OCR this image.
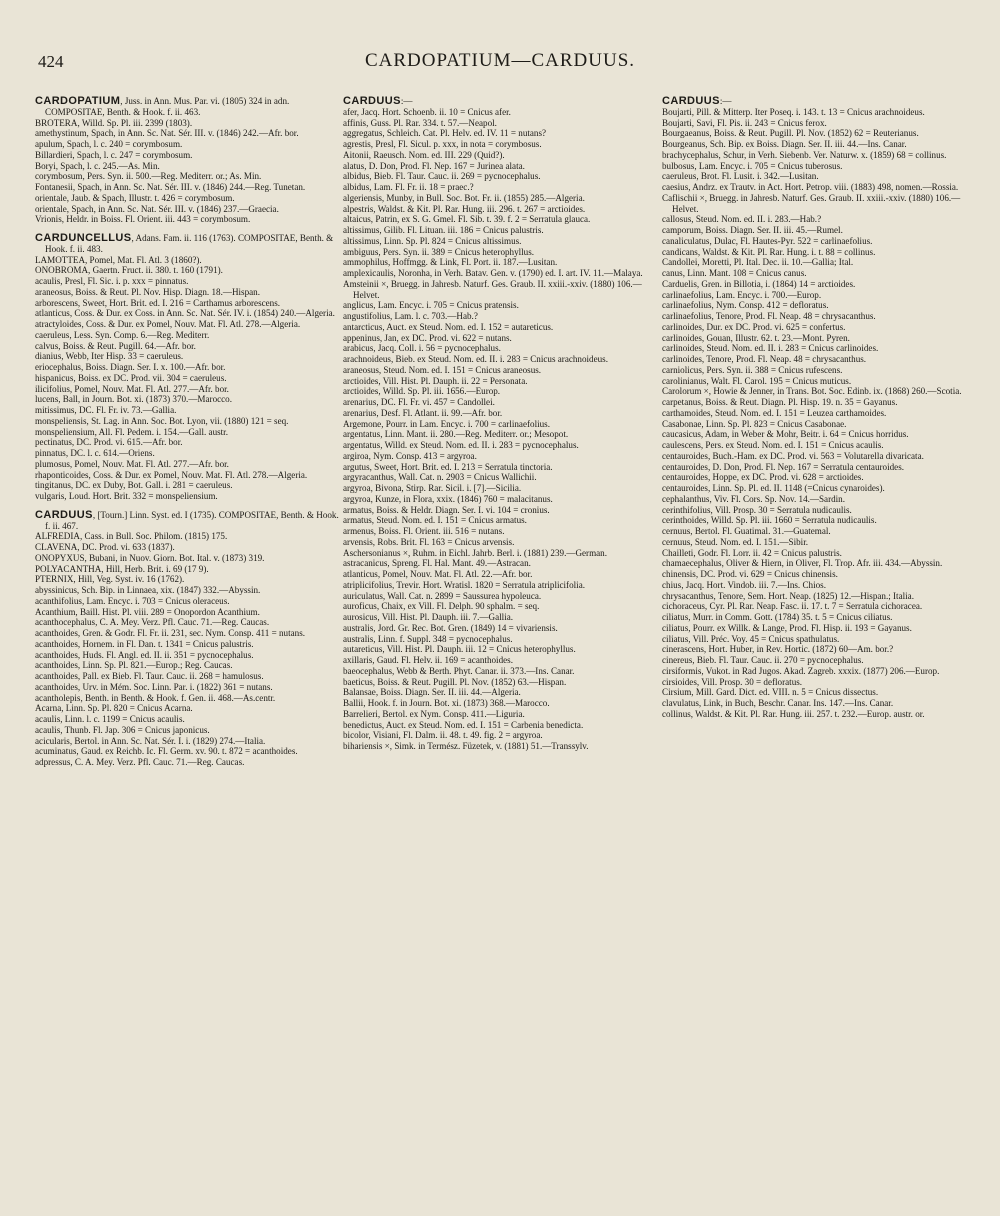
424	CARDOPATIUM—CARDUUS.
CARDOPATIUM, Juss. in Ann. Mus. Par. vi. (1805) 324 in adn. COMPOSITAE, Benth. & Hook. f. ii. 463.
BROTERA, Willd. Sp. Pl. iii. 2399 (1803).
amethystinum, Spach, in Ann. Sc. Nat. Sér. III. v. (1846) 242.—Afr. bor.
apulum, Spach, l. c. 240 = corymbosum.
Billardieri, Spach, l. c. 247 = corymbosum.
Boryi, Spach, l. c. 245.—As. Min.
corymbosum, Pers. Syn. ii. 500.—Reg. Mediterr. or.; As. Min.
Fontanesii, Spach, in Ann. Sc. Nat. Sér. III. v. (1846) 244.—Reg. Tunetan.
orientale, Jaub. & Spach, Illustr. t. 426 = corymbosum.
orientale, Spach, in Ann. Sc. Nat. Sér. III. v. (1846) 237.—Graecia.
Vrionis, Heldr. in Boiss. Fl. Orient. iii. 443 = corymbosum.
CARDUNCELLUS, Adans. Fam. ii. 116 (1763). COMPOSITAE, Benth. & Hook. f. ii. 483.
LAMOTTEA, Pomel, Mat. Fl. Atl. 3 (1860?).
ONOBROMA, Gaertn. Fruct. ii. 380. t. 160 (1791).
acaulis, Presl, Fl. Sic. i. p. xxx = pinnatus.
araneosus, Boiss. & Reut. Pl. Nov. Hisp. Diagn. 18.—Hispan.
arborescens, Sweet, Hort. Brit. ed. I. 216 = Carthamus arborescens.
atlanticus, Coss. & Dur. ex Coss. in Ann. Sc. Nat. Sér. IV. i. (1854) 240.—Algeria.
atractyloides, Coss. & Dur. ex Pomel, Nouv. Mat. Fl. Atl. 278.—Algeria.
caeruleus, Less. Syn. Comp. 6.—Reg. Mediterr.
calvus, Boiss. & Reut. Pugill. 64.—Afr. bor.
dianius, Webb, Iter Hisp. 33 = caeruleus.
eriocephalus, Boiss. Diagn. Ser. I. x. 100.—Afr. bor.
hispanicus, Boiss. ex DC. Prod. vii. 304 = caeruleus.
ilicifolius, Pomel, Nouv. Mat. Fl. Atl. 277.—Afr. bor.
lucens, Ball, in Journ. Bot. xi. (1873) 370.—Marocco.
mitissimus, DC. Fl. Fr. iv. 73.—Gallia.
monspeliensis, St. Lag. in Ann. Soc. Bot. Lyon, vii. (1880) 121 = seq.
monspeliensium, All. Fl. Pedem. i. 154.—Gall. austr.
pectinatus, DC. Prod. vi. 615.—Afr. bor.
pinnatus, DC. l. c. 614.—Oriens.
plumosus, Pomel, Nouv. Mat. Fl. Atl. 277.—Afr. bor.
rhaponticoides, Coss. & Dur. ex Pomel, Nouv. Mat. Fl. Atl. 278.—Algeria.
tingitanus, DC. ex Duby, Bot. Gall. i. 281 = caeruleus.
vulgaris, Loud. Hort. Brit. 332 = monspeliensium.
CARDUUS, [Tourn.] Linn. Syst. ed. I (1735). COMPOSITAE, Benth. & Hook. f. ii. 467.
ALFREDIA, Cass. in Bull. Soc. Philom. (1815) 175.
CLAVENA, DC. Prod. vi. 633 (1837).
ONOPYXUS, Bubani, in Nuov. Giorn. Bot. Ital. v. (1873) 319.
POLYACANTHA, Hill, Herb. Brit. i. 69 (17 9).
PTERNIX, Hill, Veg. Syst. iv. 16 (1762).
abyssinicus, Sch. Bip. in Linnaea, xix. (1847) 332.—Abyssin.
acanthifolius, Lam. Encyc. i. 703 = Cnicus oleraceus.
Acanthium, Baill. Hist. Pl. viii. 289 = Onopordon Acanthium.
acanthocephalus, C. A. Mey. Verz. Pfl. Cauc. 71.—Reg. Caucas.
acanthoides, Gren. & Godr. Fl. Fr. ii. 231, sec. Nym. Consp. 411 = nutans.
acanthoides, Hornem. in Fl. Dan. t. 1341 = Cnicus palustris.
acanthoides, Huds. Fl. Angl. ed. II. ii. 351 = pycnocephalus.
acanthoides, Linn. Sp. Pl. 821.—Europ.; Reg. Caucas.
acanthoides, Pall. ex Bieb. Fl. Taur. Cauc. ii. 268 = hamulosus.
acanthoides, Urv. in Mém. Soc. Linn. Par. i. (1822) 361 = nutans.
acantholepis, Benth. in Benth. & Hook. f. Gen. ii. 468.—As.centr.
Acarna, Linn. Sp. Pl. 820 = Cnicus Acarna.
acaulis, Linn. l. c. 1199 = Cnicus acaulis.
acaulis, Thunb. Fl. Jap. 306 = Cnicus japonicus.
acicularis, Bertol. in Ann. Sc. Nat. Sér. I. i. (1829) 274.—Italia.
acuminatus, Gaud. ex Reichb. Ic. Fl. Germ. xv. 90. t. 872 = acanthoides.
adpressus, C. A. Mey. Verz. Pfl. Cauc. 71.—Reg. Caucas.
CARDUUS:—
afer, Jacq. Hort. Schoenb. ii. 10 = Cnicus afer.
affinis, Guss. Pl. Rar. 334. t. 57.—Neapol.
aggregatus, Schleich. Cat. Pl. Helv. ed. IV. 11 = nutans?
agrestis, Presl, Fl. Sicul. p. xxx, in nota = corymbosus.
Aitonii, Raeusch. Nom. ed. III. 229 (Quid?).
alatus, D. Don, Prod. Fl. Nep. 167 = Jurinea alata.
albidus, Bieb. Fl. Taur. Cauc. ii. 269 = pycnocephalus.
albidus, Lam. Fl. Fr. ii. 18 = praec.?
algeriensis, Munby, in Bull. Soc. Bot. Fr. ii. (1855) 285.—Algeria.
alpestris, Waldst. & Kit. Pl. Rar. Hung. iii. 296. t. 267 = arctioides.
altaicus, Patrin, ex S. G. Gmel. Fl. Sib. t. 39. f. 2 = Serratula glauca.
altissimus, Gilib. Fl. Lituan. iii. 186 = Cnicus palustris.
altissimus, Linn. Sp. Pl. 824 = Cnicus altissimus.
ambiguus, Pers. Syn. ii. 389 = Cnicus heterophyllus.
ammophilus, Hoffmgg. & Link, Fl. Port. ii. 187.—Lusitan.
amplexicaulis, Noronha, in Verh. Batav. Gen. v. (1790) ed. I. art. IV. 11.—Malaya.
Amsteinii ×, Bruegg. in Jahresb. Naturf. Ges. Graub. II. xxiii.-xxiv. (1880) 106.—Helvet.
anglicus, Lam. Encyc. i. 705 = Cnicus pratensis.
angustifolius, Lam. l. c. 703.—Hab.?
antarcticus, Auct. ex Steud. Nom. ed. I. 152 = autareticus.
appeninus, Jan, ex DC. Prod. vi. 622 = nutans.
arabicus, Jacq. Coll. i. 56 = pycnocephalus.
arachnoideus, Bieb. ex Steud. Nom. ed. II. i. 283 = Cnicus arachnoideus.
araneosus, Steud. Nom. ed. I. 151 = Cnicus araneosus.
arctioides, Vill. Hist. Pl. Dauph. ii. 22 = Personata.
arctioides, Willd. Sp. Pl. iii. 1656.—Europ.
arenarius, DC. Fl. Fr. vi. 457 = Candollei.
arenarius, Desf. Fl. Atlant. ii. 99.—Afr. bor.
Argemone, Pourr. in Lam. Encyc. i. 700 = carlinaefolius.
argentatus, Linn. Mant. ii. 280.—Reg. Mediterr. or.; Mesopot.
argentatus, Willd. ex Steud. Nom. ed. II. i. 283 = pycnocephalus.
argiroa, Nym. Consp. 413 = argyroa.
argutus, Sweet, Hort. Brit. ed. I. 213 = Serratula tinctoria.
argyracanthus, Wall. Cat. n. 2903 = Cnicus Wallichii.
argyroa, Bivona, Stirp. Rar. Sicil. i. [7].—Sicilia.
argyroa, Kunze, in Flora, xxix. (1846) 760 = malacitanus.
armatus, Boiss. & Heldr. Diagn. Ser. I. vi. 104 = cronius.
armatus, Steud. Nom. ed. I. 151 = Cnicus armatus.
armenus, Boiss. Fl. Orient. iii. 516 = nutans.
arvensis, Robs. Brit. Fl. 163 = Cnicus arvensis.
Aschersonianus ×, Ruhm. in Eichl. Jahrb. Berl. i. (1881) 239.—German.
astracanicus, Spreng. Fl. Hal. Mant. 49.—Astracan.
atlanticus, Pomel, Nouv. Mat. Fl. Atl. 22.—Afr. bor.
atriplicifolius, Trevir. Hort. Wratisl. 1820 = Serratula atriplicifolia.
auriculatus, Wall. Cat. n. 2899 = Saussurea hypoleuca.
auroficus, Chaix, ex Vill. Fl. Delph. 90 sphalm. = seq.
aurosicus, Vill. Hist. Pl. Dauph. iii. 7.—Gallia.
australis, Jord. Gr. Rec. Bot. Gren. (1849) 14 = vivariensis.
australis, Linn. f. Suppl. 348 = pycnocephalus.
autareticus, Vill. Hist. Pl. Dauph. iii. 12 = Cnicus heterophyllus.
axillaris, Gaud. Fl. Helv. ii. 169 = acanthoides.
baeocephalus, Webb & Berth. Phyt. Canar. ii. 373.—Ins. Canar.
baeticus, Boiss. & Reut. Pugill. Pl. Nov. (1852) 63.—Hispan.
Balansae, Boiss. Diagn. Ser. II. iii. 44.—Algeria.
Ballii, Hook. f. in Journ. Bot. xi. (1873) 368.—Marocco.
Barrelieri, Bertol. ex Nym. Consp. 411.—Liguria.
benedictus, Auct. ex Steud. Nom. ed. I. 151 = Carbenia benedicta.
bicolor, Visiani, Fl. Dalm. ii. 48. t. 49. fig. 2 = argyroa.
bihariensis ×, Simk. in Termész. Füzetek, v. (1881) 51.—Transsylv.
CARDUUS:—
Boujarti, Pill. & Mitterp. Iter Poseq. i. 143. t. 13 = Cnicus arachnoideus.
Boujarti, Savi, Fl. Pis. ii. 243 = Cnicus ferox.
Bourgaeanus, Boiss. & Reut. Pugill. Pl. Nov. (1852) 62 = Reuterianus.
Bourgeanus, Sch. Bip. ex Boiss. Diagn. Ser. II. iii. 44.—Ins. Canar.
brachycephalus, Schur, in Verh. Siebenb. Ver. Naturw. x. (1859) 68 = collinus.
bulbosus, Lam. Encyc. i. 705 = Cnicus tuberosus.
caeruleus, Brot. Fl. Lusit. i. 342.—Lusitan.
caesius, Andrz. ex Trautv. in Act. Hort. Petrop. viii. (1883) 498, nomen.—Rossia.
Caflischii ×, Bruegg. in Jahresb. Naturf. Ges. Graub. II. xxiii.-xxiv. (1880) 106.—Helvet.
callosus, Steud. Nom. ed. II. i. 283.—Hab.?
camporum, Boiss. Diagn. Ser. II. iii. 45.—Rumel.
canaliculatus, Dulac, Fl. Hautes-Pyr. 522 = carlinaefolius.
candicans, Waldst. & Kit. Pl. Rar. Hung. i. t. 88 = collinus.
Candollei, Moretti, Pl. Ital. Dec. ii. 10.—Gallia; Ital.
canus, Linn. Mant. 108 = Cnicus canus.
Carduelis, Gren. in Billotia, i. (1864) 14 = arctioides.
carlinaefolius, Lam. Encyc. i. 700.—Europ.
carlinaefolius, Nym. Consp. 412 = defloratus.
carlinaefolius, Tenore, Prod. Fl. Neap. 48 = chrysacanthus.
carlinoides, Dur. ex DC. Prod. vi. 625 = confertus.
carlinoides, Gouan, Illustr. 62. t. 23.—Mont. Pyren.
carlinoides, Steud. Nom. ed. II. i. 283 = Cnicus carlinoides.
carlinoides, Tenore, Prod. Fl. Neap. 48 = chrysacanthus.
carniolicus, Pers. Syn. ii. 388 = Cnicus rufescens.
carolinianus, Walt. Fl. Carol. 195 = Cnicus muticus.
Carolorum ×, Howie & Jenner, in Trans. Bot. Soc. Edinb. ix. (1868) 260.—Scotia.
carpetanus, Boiss. & Reut. Diagn. Pl. Hisp. 19. n. 35 = Gayanus.
carthamoides, Steud. Nom. ed. I. 151 = Leuzea carthamoides.
Casabonae, Linn. Sp. Pl. 823 = Cnicus Casabonae.
caucasicus, Adam, in Weber & Mohr, Beitr. i. 64 = Cnicus horridus.
caulescens, Pers. ex Steud. Nom. ed. I. 151 = Cnicus acaulis.
centauroides, Buch.-Ham. ex DC. Prod. vi. 563 = Volutarella divaricata.
centauroides, D. Don, Prod. Fl. Nep. 167 = Serratula centauroides.
centauroides, Hoppe, ex DC. Prod. vi. 628 = arctioides.
centauroides, Linn. Sp. Pl. ed. II. 1148 (=Cnicus cynaroides).
cephalanthus, Viv. Fl. Cors. Sp. Nov. 14.—Sardin.
cerinthifolius, Vill. Prosp. 30 = Serratula nudicaulis.
cerinthoides, Willd. Sp. Pl. iii. 1660 = Serratula nudicaulis.
cernuus, Bertol. Fl. Guatimal. 31.—Guatemal.
cernuus, Steud. Nom. ed. I. 151.—Sibir.
Chailleti, Godr. Fl. Lorr. ii. 42 = Cnicus palustris.
chamaecephalus, Oliver & Hiern, in Oliver, Fl. Trop. Afr. iii. 434.—Abyssin.
chinensis, DC. Prod. vi. 629 = Cnicus chinensis.
chius, Jacq. Hort. Vindob. iii. 7.—Ins. Chios.
chrysacanthus, Tenore, Sem. Hort. Neap. (1825) 12.—Hispan.; Italia.
cichoraceus, Cyr. Pl. Rar. Neap. Fasc. ii. 17. t. 7 = Serratula cichoracea.
ciliatus, Murr. in Comm. Gott. (1784) 35. t. 5 = Cnicus ciliatus.
ciliatus, Pourr. ex Willk. & Lange, Prod. Fl. Hisp. ii. 193 = Gayanus.
ciliatus, Vill. Préc. Voy. 45 = Cnicus spathulatus.
cinerascens, Hort. Huber, in Rev. Hortic. (1872) 60—Am. bor.?
cinereus, Bieb. Fl. Taur. Cauc. ii. 270 = pycnocephalus.
cirsiformis, Vukot. in Rad Jugos. Akad. Zagreb. xxxix. (1877) 206.—Europ.
cirsioides, Vill. Prosp. 30 = defloratus.
Cirsium, Mill. Gard. Dict. ed. VIII. n. 5 = Cnicus dissectus.
clavulatus, Link, in Buch, Beschr. Canar. Ins. 147.—Ins. Canar.
collinus, Waldst. & Kit. Pl. Rar. Hung. iii. 257. t. 232.—Europ. austr. or.
